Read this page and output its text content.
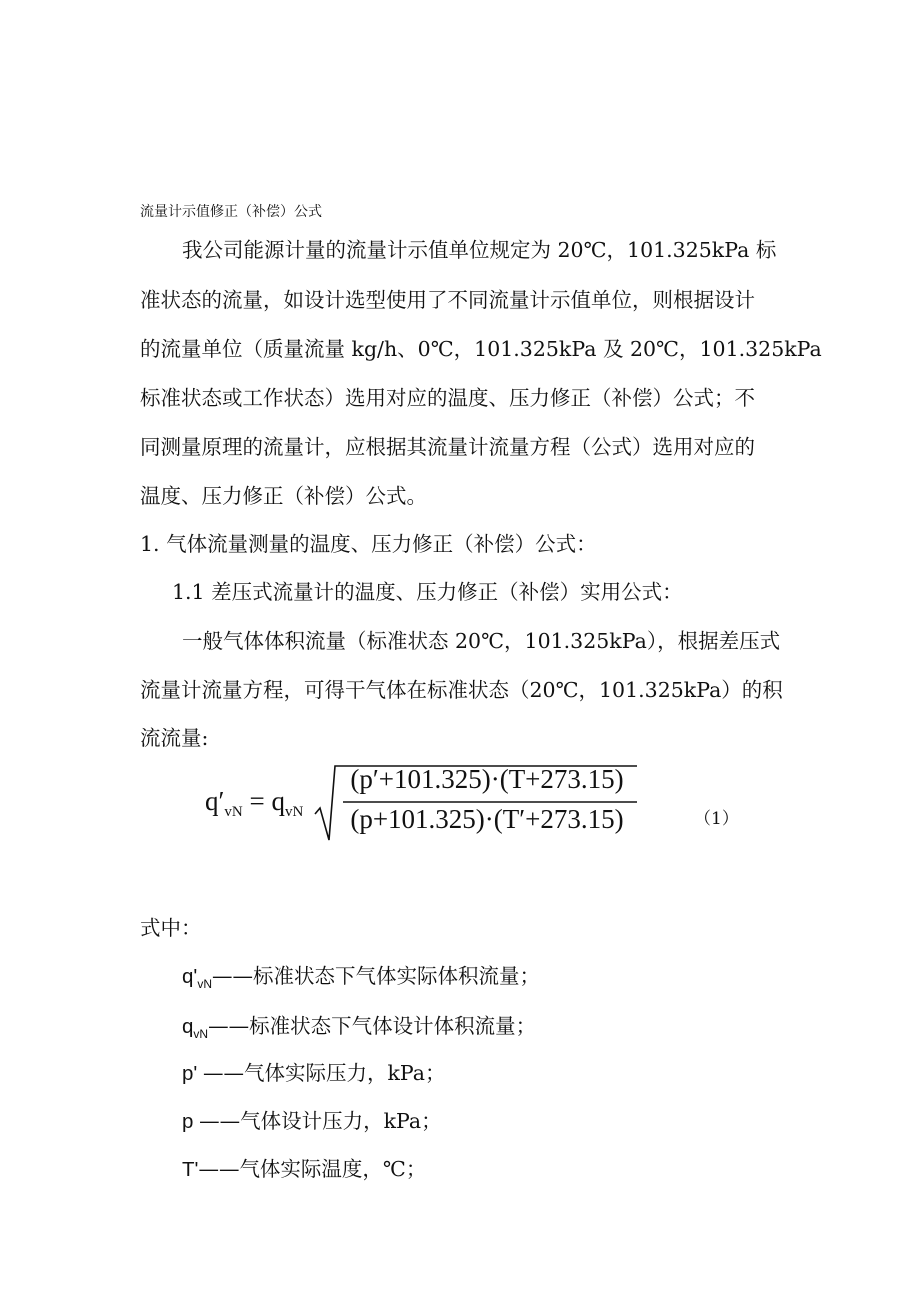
流量计示值修正（补偿）公式
我公司能源计量的流量计示值单位规定为 20℃，101.325kPa 标
准状态的流量，如设计选型使用了不同流量计示值单位，则根据设计
的流量单位（质量流量 kg/h、0℃，101.325kPa 及 20℃，101.325kPa
标准状态或工作状态）选用对应的温度、压力修正（补偿）公式；不
同测量原理的流量计，应根据其流量计流量方程（公式）选用对应的
温度、压力修正（补偿）公式。
1. 气体流量测量的温度、压力修正（补偿）公式：
1.1 差压式流量计的温度、压力修正（补偿）实用公式：
一般气体体积流量（标准状态 20℃，101.325kPa），根据差压式
流量计流量方程，可得干气体在标准状态（20℃，101.325kPa）的积
流流量:
$q'_{vN} = q_{vN}$
(p′+101.325)·(T+273.15)
(p+101.325)·(T′+273.15)	（1）
式中：
$q'_{vN}——$标准状态下气体实际体积流量；
$q_{vN}——$标准状态下气体设计体积流量；
p' ——气体实际压力，kPa；
p ——气体设计压力，kPa；
T'——气体实际温度，℃；
